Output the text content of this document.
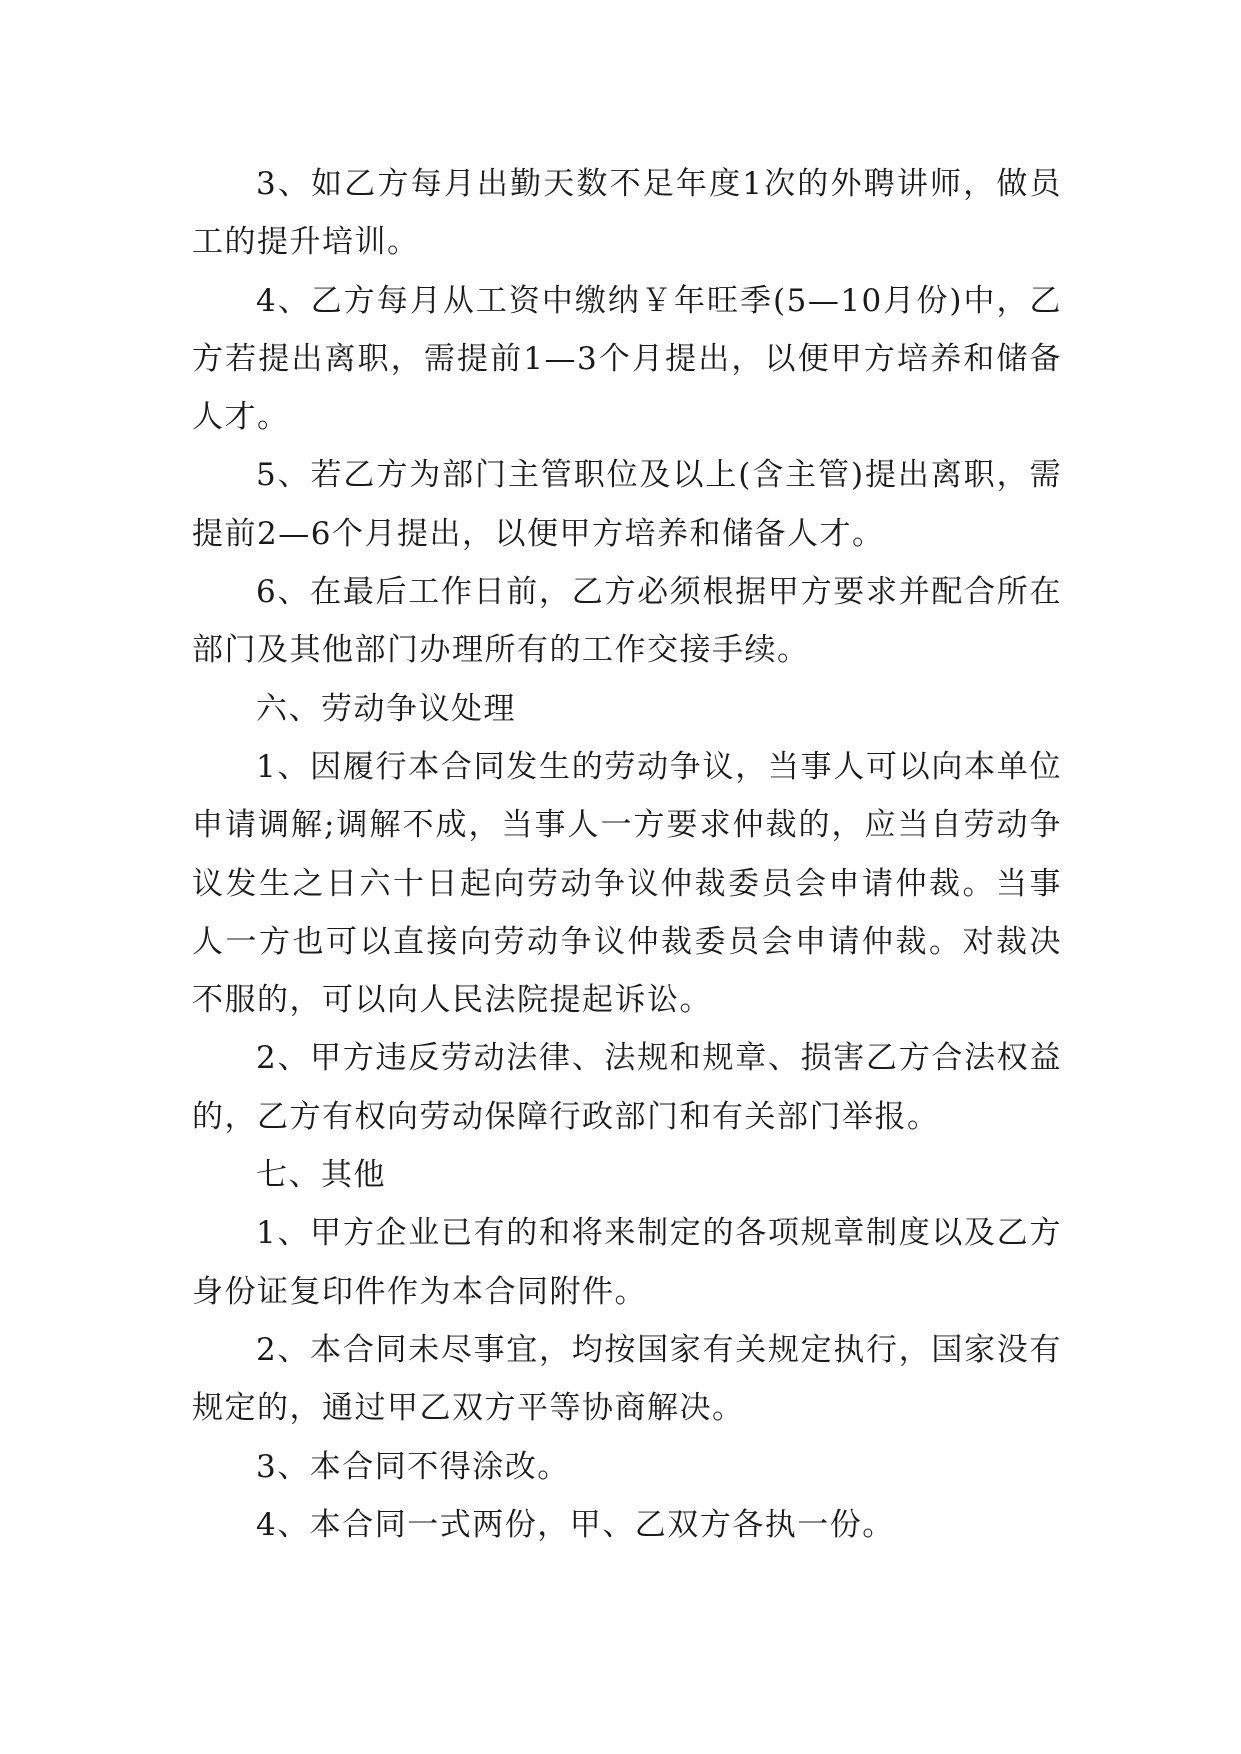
3、如乙方每月出勤天数不足年度1次的外聘讲师，做员工的提升培训。

4、乙方每月从工资中缴纳￥年旺季(5—10月份)中，乙方若提出离职，需提前1—3个月提出，以便甲方培养和储备人才。

5、若乙方为部门主管职位及以上(含主管)提出离职，需提前2—6个月提出，以便甲方培养和储备人才。

6、在最后工作日前，乙方必须根据甲方要求并配合所在部门及其他部门办理所有的工作交接手续。

六、劳动争议处理

1、因履行本合同发生的劳动争议，当事人可以向本单位申请调解;调解不成，当事人一方要求仲裁的，应当自劳动争议发生之日六十日起向劳动争议仲裁委员会申请仲裁。当事人一方也可以直接向劳动争议仲裁委员会申请仲裁。对裁决不服的，可以向人民法院提起诉讼。

2、甲方违反劳动法律、法规和规章、损害乙方合法权益的，乙方有权向劳动保障行政部门和有关部门举报。

七、其他

1、甲方企业已有的和将来制定的各项规章制度以及乙方身份证复印件作为本合同附件。

2、本合同未尽事宜，均按国家有关规定执行，国家没有规定的，通过甲乙双方平等协商解决。

3、本合同不得涂改。

4、本合同一式两份，甲、乙双方各执一份。
